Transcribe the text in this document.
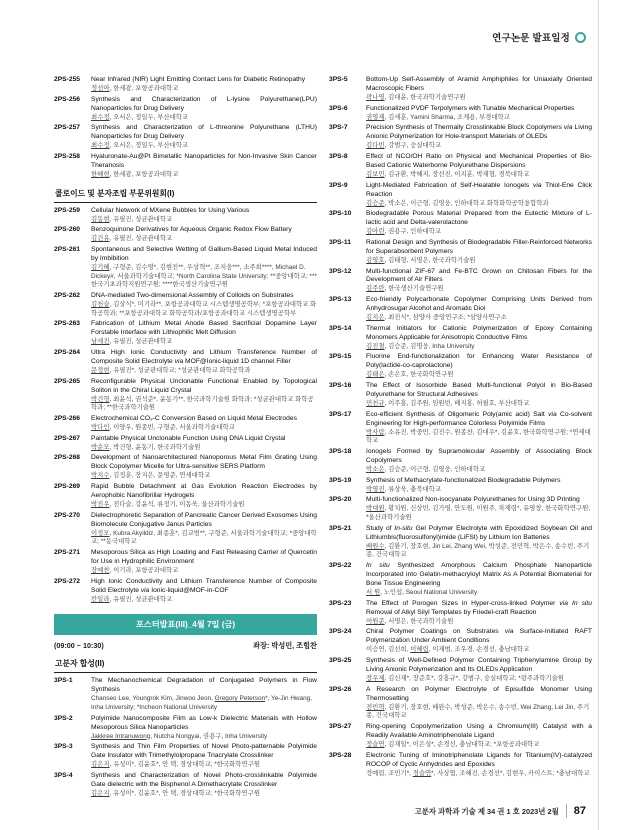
연구논문 발표일정
2PS-255	Near Infrared (NIR) Light Emitting Contact Lens for Diabetic Retinopathy
정선아, 한세광, 포항공과대학교
2PS-256	Synthesis and Characterization of L-lysine Polyurethane(LPU) Nanoparticles for Drug Delivery
최수정, 오서은, 정일두, 부산대학교
2PS-257	Synthesis and Characterization of L-threonine Polyurethane (LTHU) Nanoparticles for Drug Delivery
최수정, 오서은, 정일두, 부산대학교
2PS-258	Hyaluronate-Au@Pt Bimetallic Nanoparticles for Non-Invasive Skin Cancer Theranosis
한혜현, 한세광, 포항공과대학교
콜로이드 및 분자조립 부문위원회(I)
2PS-259	Cellular Network of MXene Bubbles for Using Various
김동현, 유필진, 성균관대학교
2PS-260	Benzoquinone Derivatives for Aqueous Organic Redox Flow Battery
김건유, 유필진, 성균관대학교
2PS-261	Spontaneous and Selective Wetting of Gallium-Based Liquid Metal Induced by Imbibition
김기혜, 구형준, 김수영*, 김현진**, 우상혁**, 조지웅***, 소주희****, Michael D. Dickey#, 서울과학기술대학교; *North Carolina State University; **중앙대학교; ***한국기초과학지원연구원; ****한국생산기술연구원
2PS-262	DNA-mediated Two-dimensional Assembly of Colloids on Substrates
김천슬, 김상식*, 미기라**, 포항공과대학교 시스템생명공학부; *포항공과대학교 화학공학과; **포항공과대학교 화학공학과/포항공과대학교 시스템생명공학부
2PS-263	Fabrication of Lithium Metal Anode Based Sacrificial Dopamine Layer Forstable Interface with Lithiophilic Melt Diffusion
남세진, 유필진, 성균관대학교
2PS-264	Ultra High Ionic Conductivity and Lithium Transference Number of Composite Solid Electrolyte via MOF@Ionic-liquid 1D channel Filler
문정현, 유필진*, 성균관대학교; *성균관대학교 화학공학과
2PS-265	Reconfigurable Physical Unclonable Functional Enabled by Topological Soliton in the Chiral Liquid Crystal
박건형, 최윤석, 권석준*, 윤동기**, 한국과학기술원 화학과; *성균관대학교 화학공학과; **한국과학기술원
2PS-266	Electrochemical CO₂-C Conversion Based on Liquid Metal Electrodes
박다인, 이양우, 원종빈, 구형준, 서울과학기술대학교
2PS-267	Paintable Physical Unclonable Function Using DNA Liquid Crystal
박순모, 박건형, 윤동기, 한국과학기술원
2PS-268	Development of Nanoarchitectured Nanoporous Metal Film Grating Using Block Copolymer Micelle for Ultra-sensitive SERS Platform
박지수, 김정훈, 장지은, 문영준, 연세대학교
2PS-269	Rapid Bubble Detachment at Gas Evolution Reaction Electrodes by Aerophobic Nanofibrillar Hydrogels
박진우, 전다슬, 강윤석, 류정기, 이동욱, 울산과학기술원
2PS-270	Dielectrophoretic Separation of Pancreatic Cancer Derived Exosomes Using Biomolecule Conjugative Janus Particles
이정모, Kubra Akyildiz, 최종훈*, 김교범**, 구형준, 서울과학기술대학교; *중앙대학교; **동국대학교
2PS-271	Mesoporous Silica as High Loading and Fast Releasing Carrier of Quercetin for Use in Hydrophilic Environment
장예찬, 이기라, 포항공과대학교
2PS-272	High Ionic Conductivity and Lithium Transference Number of Composite Solid Electrolyte via Ionic-liquid@MOF-in-COF
칸일라, 유필진, 성균관대학교
포스터발표(III)_4월 7일 (금)
(09:00 ~ 10:30)	좌장: 박성민, 조힘찬
고분자 합성(II)
3PS-1	The Mechanochemical Degradation of Conjugated Polymers in Flow Synthesis
Chanseo Lee, Youngrok Kim, Jinwoo Jeon, Gregory Peterson*, Ye-Jin Hwang, Inha University; *Incheon National University
3PS-2	Polyimide Nanocomposite Film as Low-k Dielectric Materials with Hollow Mesoporous Silica Nanoparticles
Jakkree Intranuwong, Nutcha Nongyai, 권용구, Inha University
3PS-3	Synthesis and Thin Film Properties of Novel Photo-patternable Polyimide Gate Insulator with Trimethylolpropane Triacrylate Crosslinker
김은지, 유성미*, 김윤호*, 안 택, 경상대학교; *한국화학연구원
3PS-4	Synthesis and Characterization of Novel Photo-crosslinkable Polyimide Gate dielectric with the Bisphenol A Dimethacrylate Crosslinker
김은지, 유성미*, 김윤호*, 안 택, 경상대학교; *한국화학연구원
3PS-5	Bottom-Up Self-Assembly of Aramid Amphiphiles for Uniaxially Oriented Macroscopic Fibers
곽나영, 김대윤, 한국과학기술연구원
3PS-6	Functionalized PVDF Terpolymers with Tunable Mechanical Properties
권영제, 김세훈, Yamini Sharma, 조계용, 부경대학교
3PS-7	Precision Synthesis of Thermally Crosslinkable Block Copolymers via Living Anionic Polymerization for Hole-transport Materials of OLEDs
김다빈, 강범구, 숭실대학교
3PS-8	Effect of NCO/OH Ratio on Physical and Mechanical Properties of Bio-Based Cationic Waterborne Polyurethane Dispersions
김보민, 김규환, 박혜지, 장선진, 이지훈, 박재형, 경북대학교
3PS-9	Light-Mediated Fabrication of Self-Healable Ionogels via Thiol-Ene Click Reaction
김승준, 박소은, 이근형, 김영웅, 인하대학교 화학화학공학융합학과
3PS-10	Biodegradable Porous Material Prepared from the Eutectic Mixture of L-lactic acid and Delta-valerolactone
김아린, 권용구, 인하대학교
3PS-11	Rational Design and Synthesis of Biodegradable Filler-Reinforced Networks for Superabsorbent Polymers
김영호, 김태형, 서명은, 한국과학기술원
3PS-12	Multi-functional ZIF-67 and Fe-BTC Grown on Chitosan Fibers for the Development of Air Filters
김주란, 한국생산기술연구원
3PS-13	Eco-friendly Polycarbonate Copolymer Comprising Units Derived from Anhydrosugar Alcohol and Aromatic Diol
김지은, 최진식*, 삼양사 중앙연구소; *삼양사연구소
3PS-14	Thermal Initiators for Cationic Polymerization of Epoxy Containing Monomers Applicable for Anisotropic Conductive Films
김진철, 김승준, 김명웅, Inha University
3PS-15	Fluorine End-functionalization for Enhancing Water Resistance of Poly(lactide-co-caprolactone)
김태은, 손은호, 한국화학연구원
3PS-16	The Effect of Isosorbide Based Multi-functional Polyol in Bio-Based Polyurethane for Structural Adhesives
민친규, 이주홍, 김주원, 임원빈, 배지홍, 허필호, 부산대학교
3PS-17	Eco-efficient Synthesis of Oligomeric Poly(amic acid) Salt via Co-solvent Engineering for High-performance Colorless Polyimide Films
박사람, 소유진, 박중민, 김진수, 원종찬, 김대우*, 김윤호, 한국화학연구원; *연세대학교
3PS-18	Ionogels Formed by Supramolecular Assembly of Associating Block Copolymers
박소은, 김승준, 이근형, 김영웅, 인하대학교
3PS-19	Synthesis of Methacrylate-functionalized Biodegradable Polymers
박영진, 류상욱, 충북대학교
3PS-20	Multi-functionalized Non-isocyanate Polyurethanes for Using 3D Printing
박대원, 황치원, 신상빈, 김가영, 안도원, 이원주, 차재령*, 유영창, 한국화학연구원; *울산과학기술원
3PS-21	Study of In-situ Gel Polymer Electrolyte with Epoxidized Soybean Oil and Lithiumbis(fluorosulfonyl)imide (LiFSI) by Lithium Ion Batteries
배원수, 김환기, 장호현, Jin Lei, Zhang Wei, 박성준, 전민혁, 박은수, 송수빈, 주기종, 건국대학교
3PS-22	In situ Synthesized Amorphous Calcium Phosphate Nanoparticle Incorporated into Gelatin-methacryloyl Matrix As A Potential Biomaterial for Bone Tissue Engineering
서 원, 노인섭, Seoul National University
3PS-23	The Effect of Porogen Sizes in Hyper-cross-linked Polymer via In situ Removal of Alkyl Silyl Templates by Friedel-craft Reaction
어원준, 서명은, 한국과학기술원
3PS-24	Chiral Polymer Coatings on Substrates via Surface-Initiated RAFT Polymerization Under Ambient Conditions
이승연, 김선희, 이혜림, 이재범, 조우경, 손경선, 충남대학교
3PS-25	Synthesis of Well-Defined Polymer Containing Triphenylamine Group by Living Anionic Polymerization and Its OLEDs Application
장우제, 김신재*, 장준호*, 강홍규*, 강범구, 숭실대학교; *광주과학기술원
3PS-26	A Research on Polymer Electrolyte of Episulfide Monomer Using Thermosetting
전민혁, 김환기, 장호현, 배완수, 박성준, 박은수, 송수빈, Wei Zhang, Lei Jin, 주기종, 건국대학교
3PS-27	Ring-opening Copolymerization Using a Chromium(III) Catalyst with a Readily Available Aminotriphenolate Ligand
정슬연, 김재일*, 이은성*, 손경선, 충남대학교; *포항공과대학교
3PS-28	Electronic Tuning of Iminotriphenolate Ligands for Titanium(IV)-catalyzed ROCOP of Cyclic Anhydrides and Epoxides
정예림, 조민기*, 정슬연*, 사상협, 조혜진, 손경선*, 김현우, 카이스트; *충남대학교
고분자 과학과 기술 제 34 권 1 호 2023년 2월 87
